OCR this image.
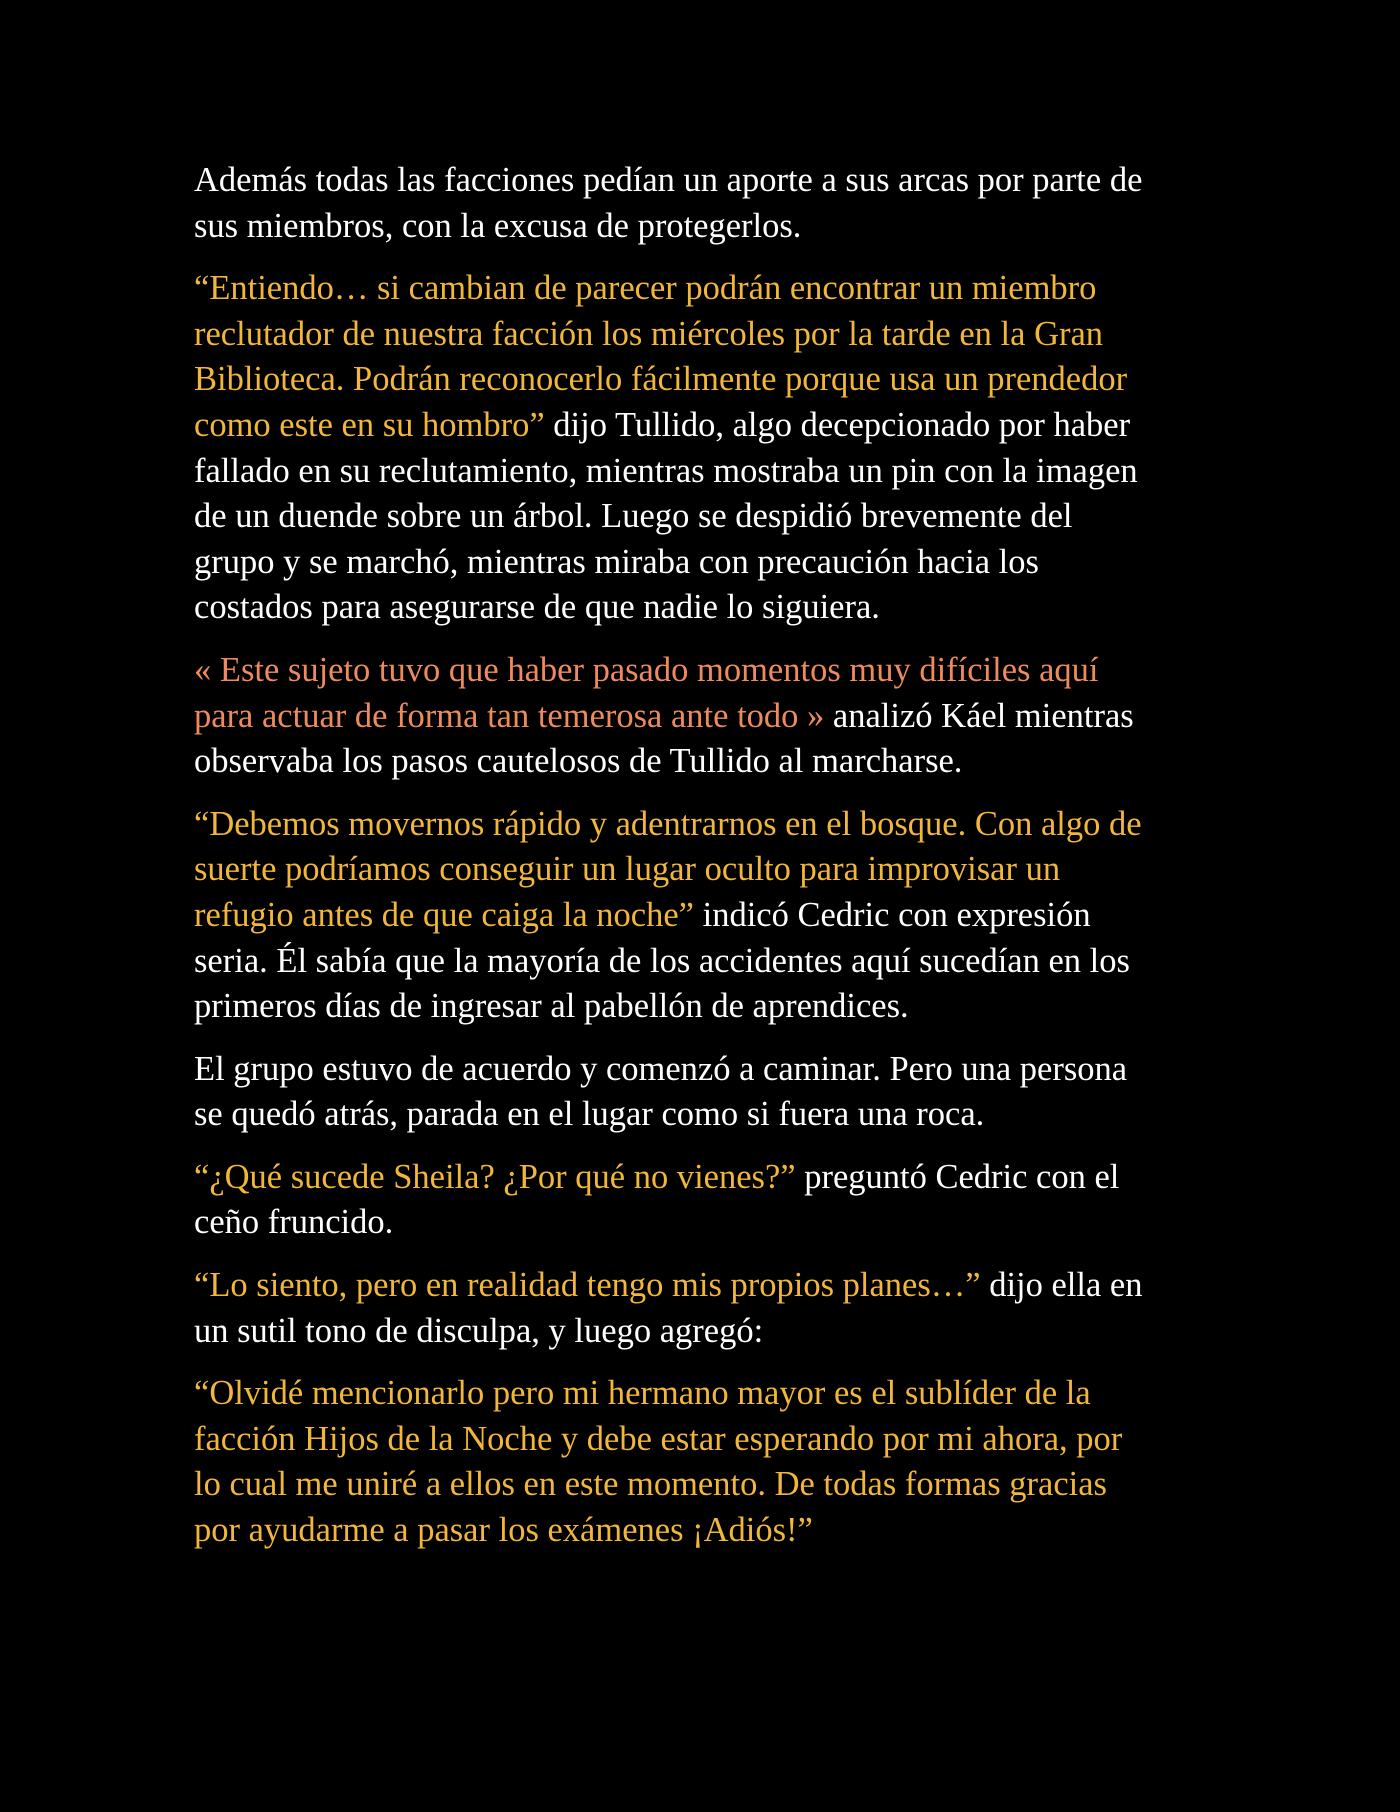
Además todas las facciones pedían un aporte a sus arcas por parte de
sus miembros, con la excusa de protegerlos.

“Entiendo… si cambian de parecer podrán encontrar un miembro
reclutador de nuestra facción los miércoles por la tarde en la Gran
Biblioteca. Podrán reconocerlo fácilmente porque usa un prendedor
como este en su hombro” dijo Tullido, algo decepcionado por haber
fallado en su reclutamiento, mientras mostraba un pin con la imagen
de un duende sobre un árbol. Luego se despidió brevemente del
grupo y se marchó, mientras miraba con precaución hacia los
costados para asegurarse de que nadie lo siguiera.

« Este sujeto tuvo que haber pasado momentos muy difíciles aquí
para actuar de forma tan temerosa ante todo » analizó Káel mientras
observaba los pasos cautelosos de Tullido al marcharse.

“Debemos movernos rápido y adentrarnos en el bosque. Con algo de
suerte podríamos conseguir un lugar oculto para improvisar un
refugio antes de que caiga la noche” indicó Cedric con expresión
seria. Él sabía que la mayoría de los accidentes aquí sucedían en los
primeros días de ingresar al pabellón de aprendices.

El grupo estuvo de acuerdo y comenzó a caminar. Pero una persona
se quedó atrás, parada en el lugar como si fuera una roca.

“¿Qué sucede Sheila? ¿Por qué no vienes?” preguntó Cedric con el
ceño fruncido.

“Lo siento, pero en realidad tengo mis propios planes…” dijo ella en
un sutil tono de disculpa, y luego agregó:

“Olvidé mencionarlo pero mi hermano mayor es el sublíder de la
facción Hijos de la Noche y debe estar esperando por mi ahora, por
lo cual me uniré a ellos en este momento. De todas formas gracias
por ayudarme a pasar los exámenes ¡Adiós!”
